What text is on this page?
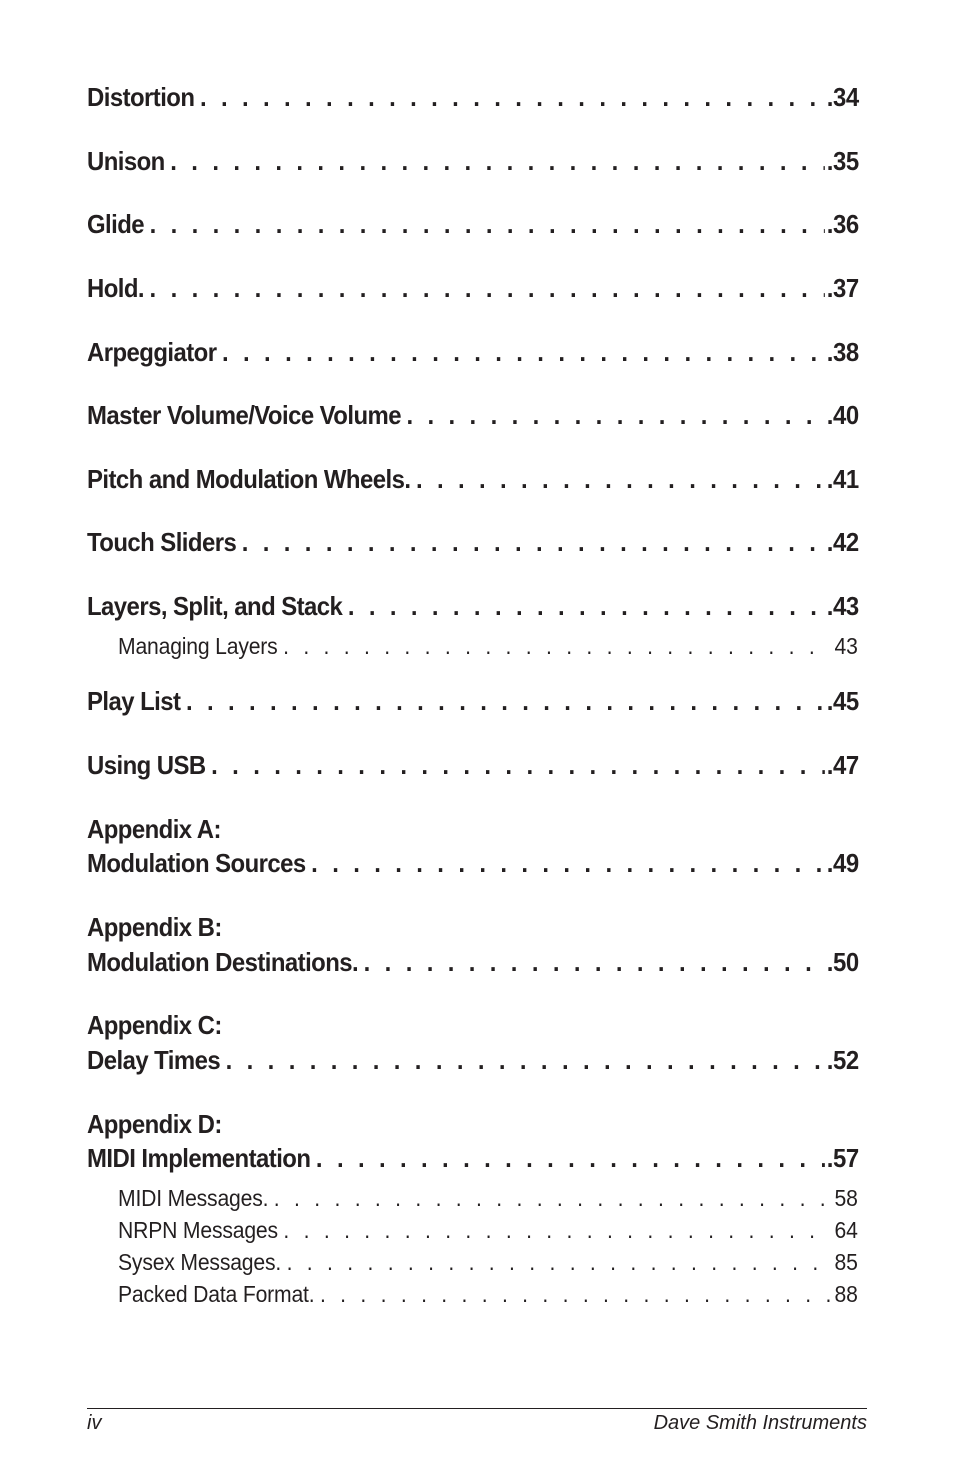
Distortion . . .	.34
Unison . . .	.35
Glide . . .	.36
Hold. . . .	.37
Arpeggiator . . .	.38
Master Volume/Voice Volume . . .	.40
Pitch and Modulation Wheels. . . .	.41
Touch Sliders . . .	.42
Layers, Split, and Stack . . .	.43
Managing Layers . . .	43
Play List . . .	.45
Using USB . . .	.47
Appendix A:
Modulation Sources . . .	.49
Appendix B:
Modulation Destinations. . . .	.50
Appendix C:
Delay Times . . .	.52
Appendix D:
MIDI Implementation . . .	.57
MIDI Messages. . . .	58
NRPN Messages . . .	64
Sysex Messages. . . .	85
Packed Data Format. . . .	88
iv	Dave Smith Instruments
